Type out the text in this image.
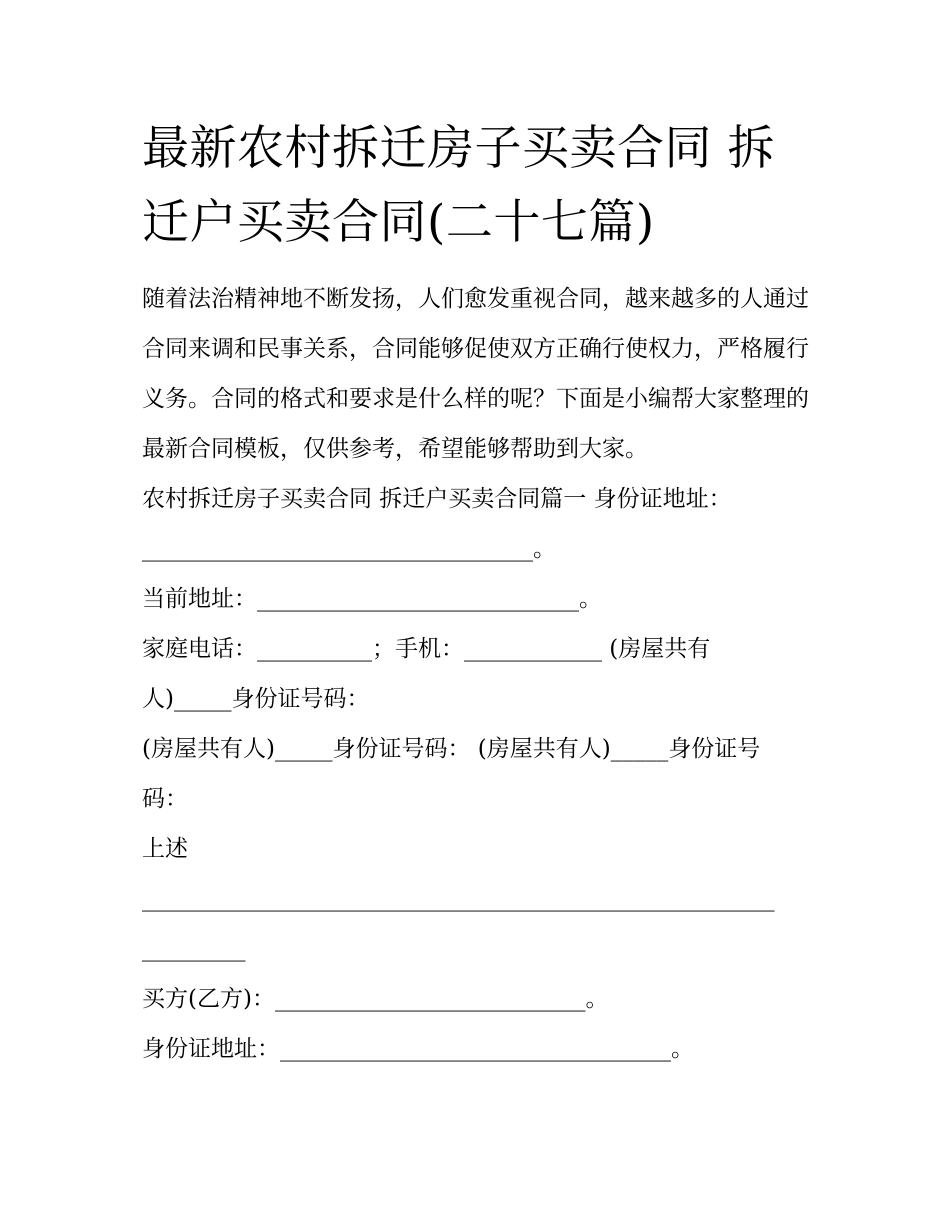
最新农村拆迁房子买卖合同 拆
迁户买卖合同(二十七篇)

随着法治精神地不断发扬，人们愈发重视合同，越来越多的人通过合同来调和民事关系，合同能够促使双方正确行使权力，严格履行义务。合同的格式和要求是什么样的呢？下面是小编帮大家整理的最新合同模板，仅供参考，希望能够帮助到大家。

农村拆迁房子买卖合同 拆迁户买卖合同篇一 身份证地址：

__________________________________。

当前地址：____________________________。

家庭电话：__________；手机：____________ (房屋共有

人)_____身份证号码：

(房屋共有人)_____身份证号码： (房屋共有人)_____身份证号

码：

上述

_______________________________________________________

_________

买方(乙方)：___________________________。

身份证地址：__________________________________。
